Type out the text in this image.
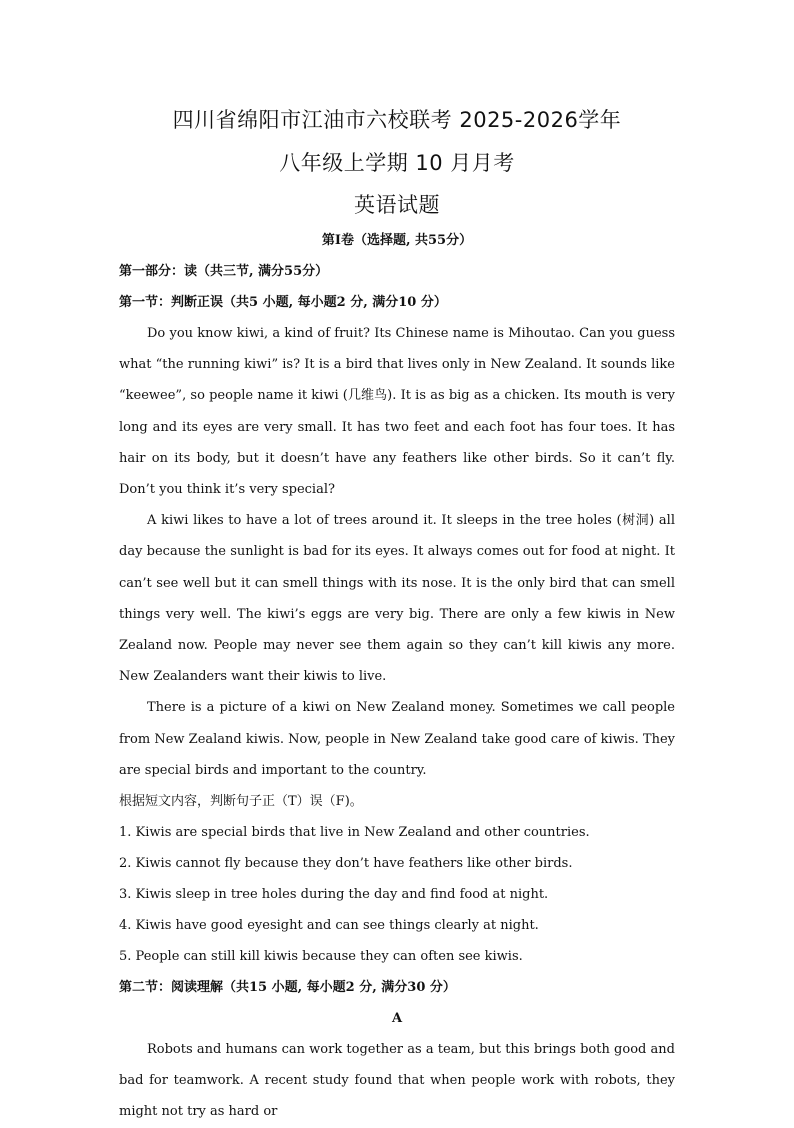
四川省绵阳市江油市六校联考 2025-2026学年
八年级上学期 10 月月考
英语试题
第Ⅰ卷（选择题, 共55分）
第一部分：读（共三节, 满分55分）
第一节：判断正误（共5 小题, 每小题2 分, 满分10 分）

Do you know kiwi, a kind of fruit? Its Chinese name is Mihoutao. Can you guess what “the running kiwi” is? It is a bird that lives only in New Zealand. It sounds like “keewee”, so people name it kiwi (几维鸟). It is as big as a chicken. Its mouth is very long and its eyes are very small. It has two feet and each foot has four toes. It has hair on its body, but it doesn’t have any feathers like other birds. So it can’t fly. Don’t you think it’s very special?

A kiwi likes to have a lot of trees around it. It sleeps in the tree holes (树洞) all day because the sunlight is bad for its eyes. It always comes out for food at night. It can’t see well but it can smell things with its nose. It is the only bird that can smell things very well. The kiwi’s eggs are very big. There are only a few kiwis in New Zealand now. People may never see them again so they can’t kill kiwis any more. New Zealanders want their kiwis to live.

There is a picture of a kiwi on New Zealand money. Sometimes we call people from New Zealand kiwis. Now, people in New Zealand take good care of kiwis. They are special birds and important to the country.

根据短文内容，判断句子正（T）误（F)。
1. Kiwis are special birds that live in New Zealand and other countries.
2. Kiwis cannot fly because they don’t have feathers like other birds.
3. Kiwis sleep in tree holes during the day and find food at night.
4. Kiwis have good eyesight and can see things clearly at night.
5. People can still kill kiwis because they can often see kiwis.
第二节：阅读理解（共15 小题, 每小题2 分, 满分30 分）
A

Robots and humans can work together as a team, but this brings both good and bad for teamwork. A recent study found that when people work with robots, they might not try as hard or
